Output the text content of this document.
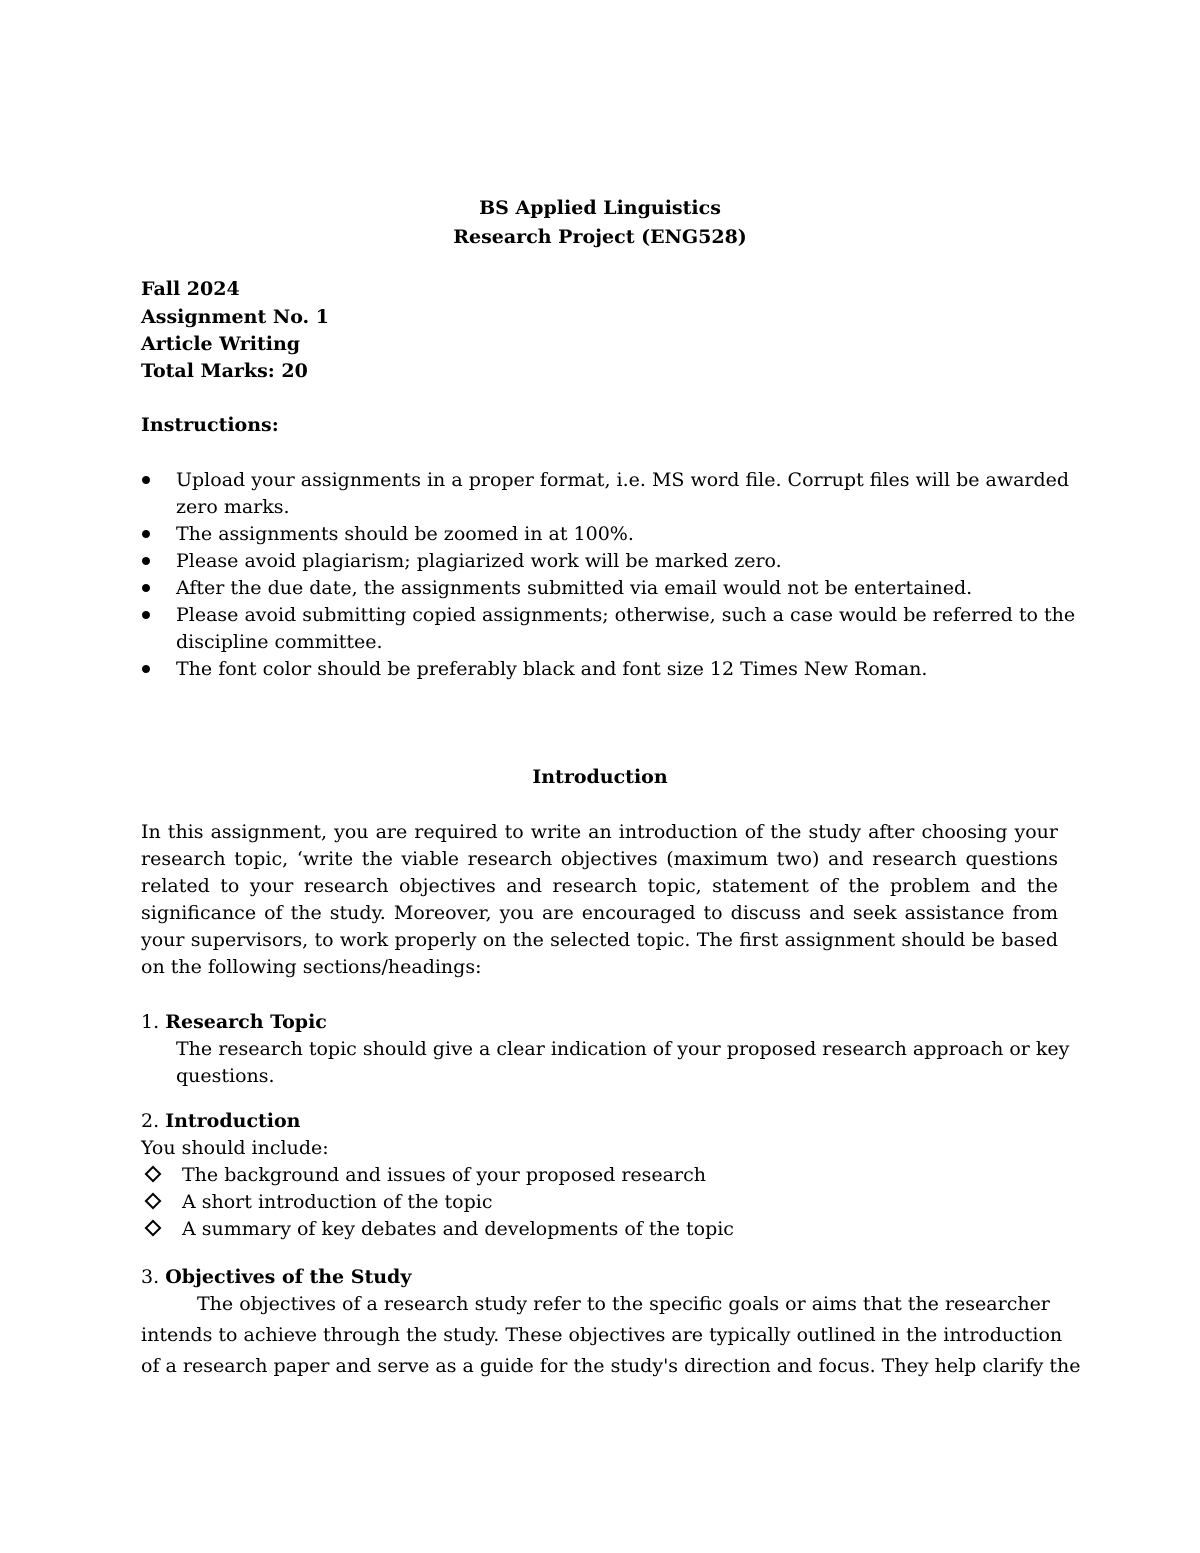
BS Applied Linguistics
Research Project (ENG528)
Fall 2024
Assignment No. 1
Article Writing
Total Marks: 20
Instructions:
Upload your assignments in a proper format, i.e. MS word file. Corrupt files will be awarded
zero marks.
The assignments should be zoomed in at 100%.
Please avoid plagiarism; plagiarized work will be marked zero.
After the due date, the assignments submitted via email would not be entertained.
Please avoid submitting copied assignments; otherwise, such a case would be referred to the
discipline committee.
The font color should be preferably black and font size 12 Times New Roman.
Introduction
In this assignment, you are required to write an introduction of the study after choosing your research topic, ‘write the viable research objectives (maximum two) and research questions related to your research objectives and research topic, statement of the problem and the significance of the study. Moreover, you are encouraged to discuss and seek assistance from your supervisors, to work properly on the selected topic. The first assignment should be based on the following sections/headings:
1. Research Topic
The research topic should give a clear indication of your proposed research approach or key
questions.
2. Introduction
You should include:
The background and issues of your proposed research
A short introduction of the topic
A summary of key debates and developments of the topic
3. Objectives of the Study
The objectives of a research study refer to the specific goals or aims that the researcher
intends to achieve through the study. These objectives are typically outlined in the introduction
of a research paper and serve as a guide for the study's direction and focus. They help clarify the
